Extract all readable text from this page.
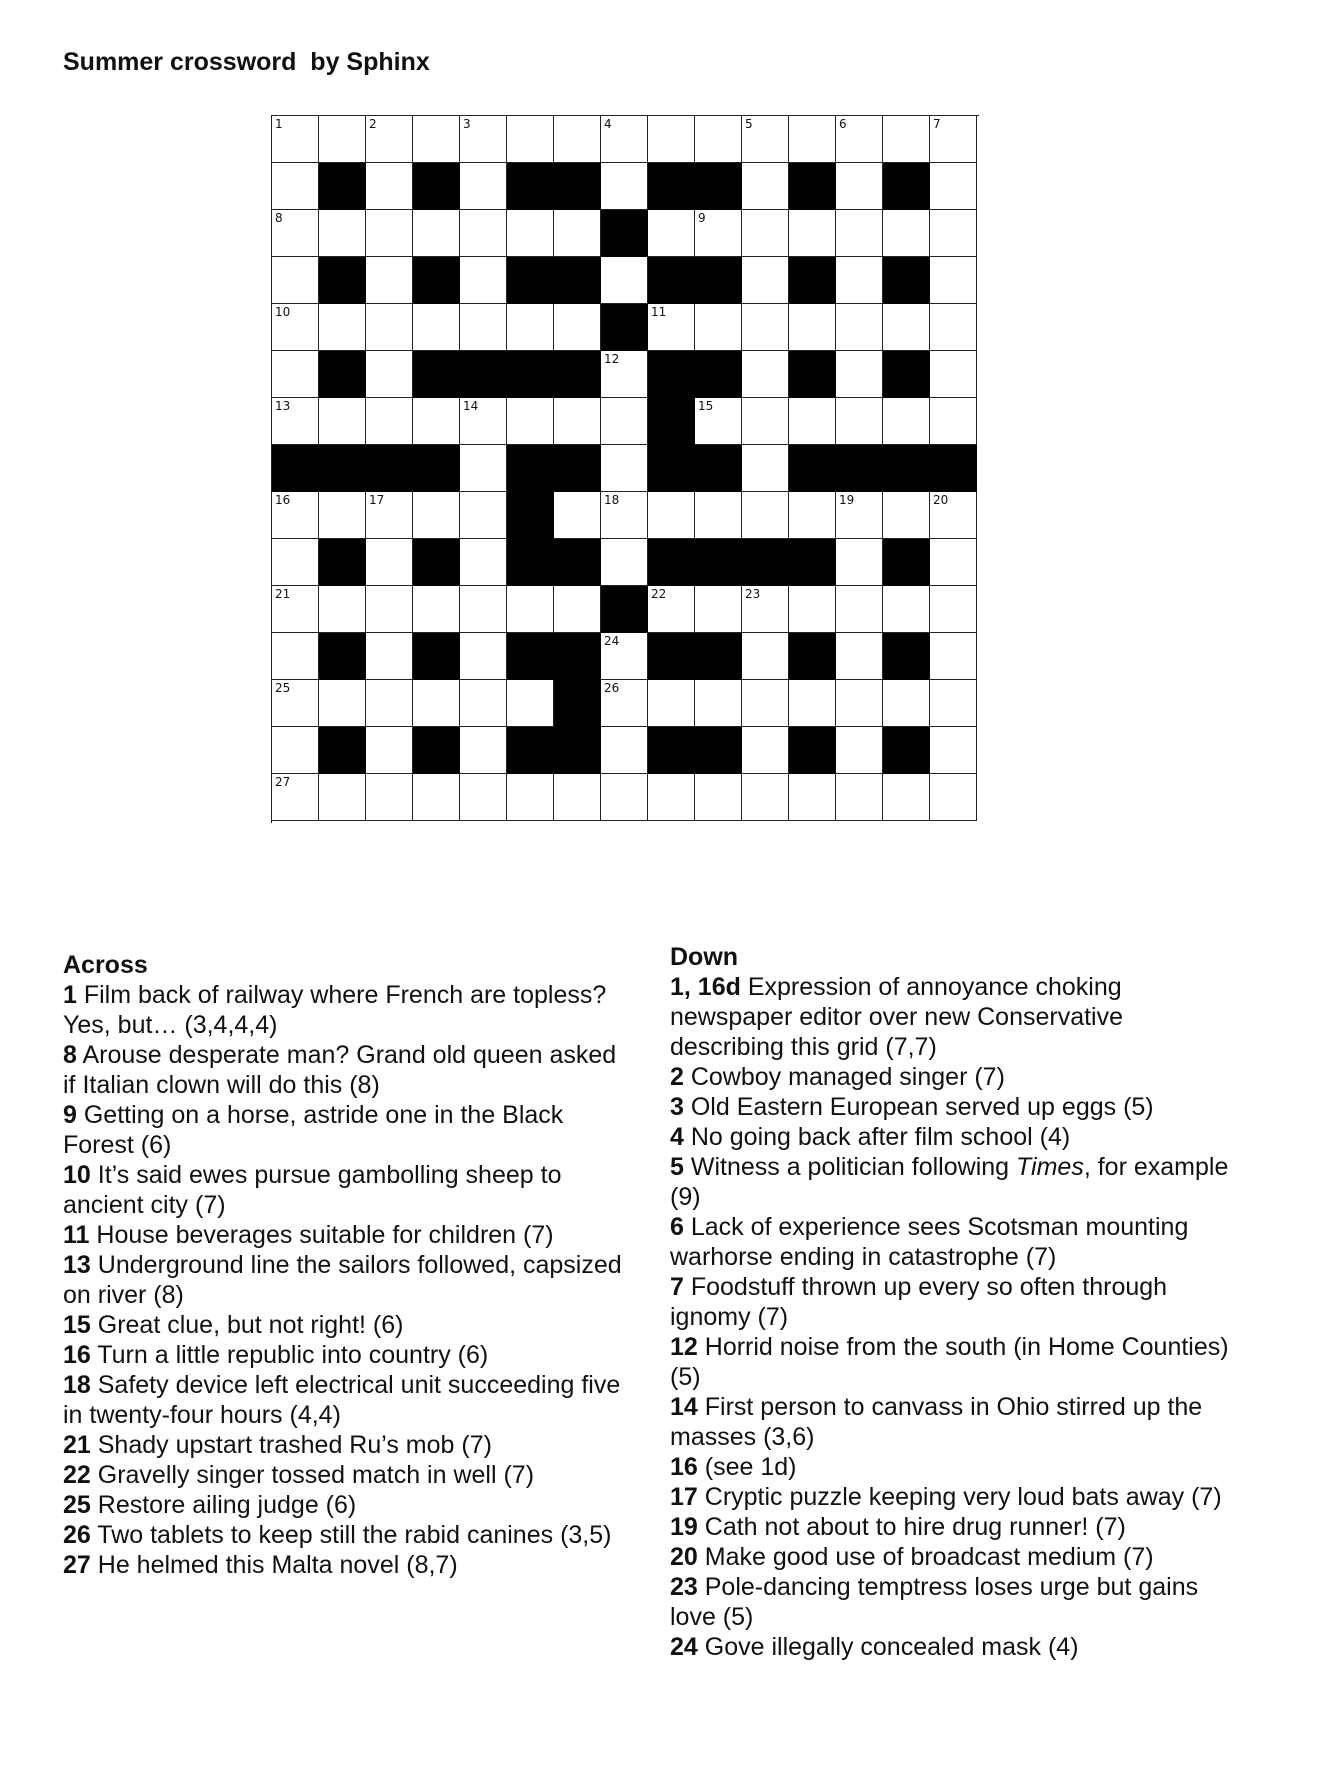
Summer crossword  by Sphinx
1	2	3	4	5	6	7
8	9
10	11
12
13	14	15
16	17	18	19	20
21	22	23
24
25	26
27
Across
1 Film back of railway where French are topless? Yes, but… (3,4,4,4)
8 Arouse desperate man? Grand old queen asked if Italian clown will do this (8)
9 Getting on a horse, astride one in the Black Forest (6)
10 It’s said ewes pursue gambolling sheep to ancient city (7)
11 House beverages suitable for children (7)
13 Underground line the sailors followed, capsized on river (8)
15 Great clue, but not right! (6)
16 Turn a little republic into country (6)
18 Safety device left electrical unit succeeding five in twenty-four hours (4,4)
21 Shady upstart trashed Ru’s mob (7)
22 Gravelly singer tossed match in well (7)
25 Restore ailing judge (6)
26 Two tablets to keep still the rabid canines (3,5)
27 He helmed this Malta novel (8,7)
Down
1, 16d Expression of annoyance choking newspaper editor over new Conservative describing this grid (7,7)
2 Cowboy managed singer (7)
3 Old Eastern European served up eggs (5)
4 No going back after film school (4)
5 Witness a politician following Times, for example (9)
6 Lack of experience sees Scotsman mounting warhorse ending in catastrophe (7)
7 Foodstuff thrown up every so often through ignomy (7)
12 Horrid noise from the south (in Home Counties) (5)
14 First person to canvass in Ohio stirred up the masses (3,6)
16 (see 1d)
17 Cryptic puzzle keeping very loud bats away (7)
19 Cath not about to hire drug runner! (7)
20 Make good use of broadcast medium (7)
23 Pole-dancing temptress loses urge but gains love (5)
24 Gove illegally concealed mask (4)
